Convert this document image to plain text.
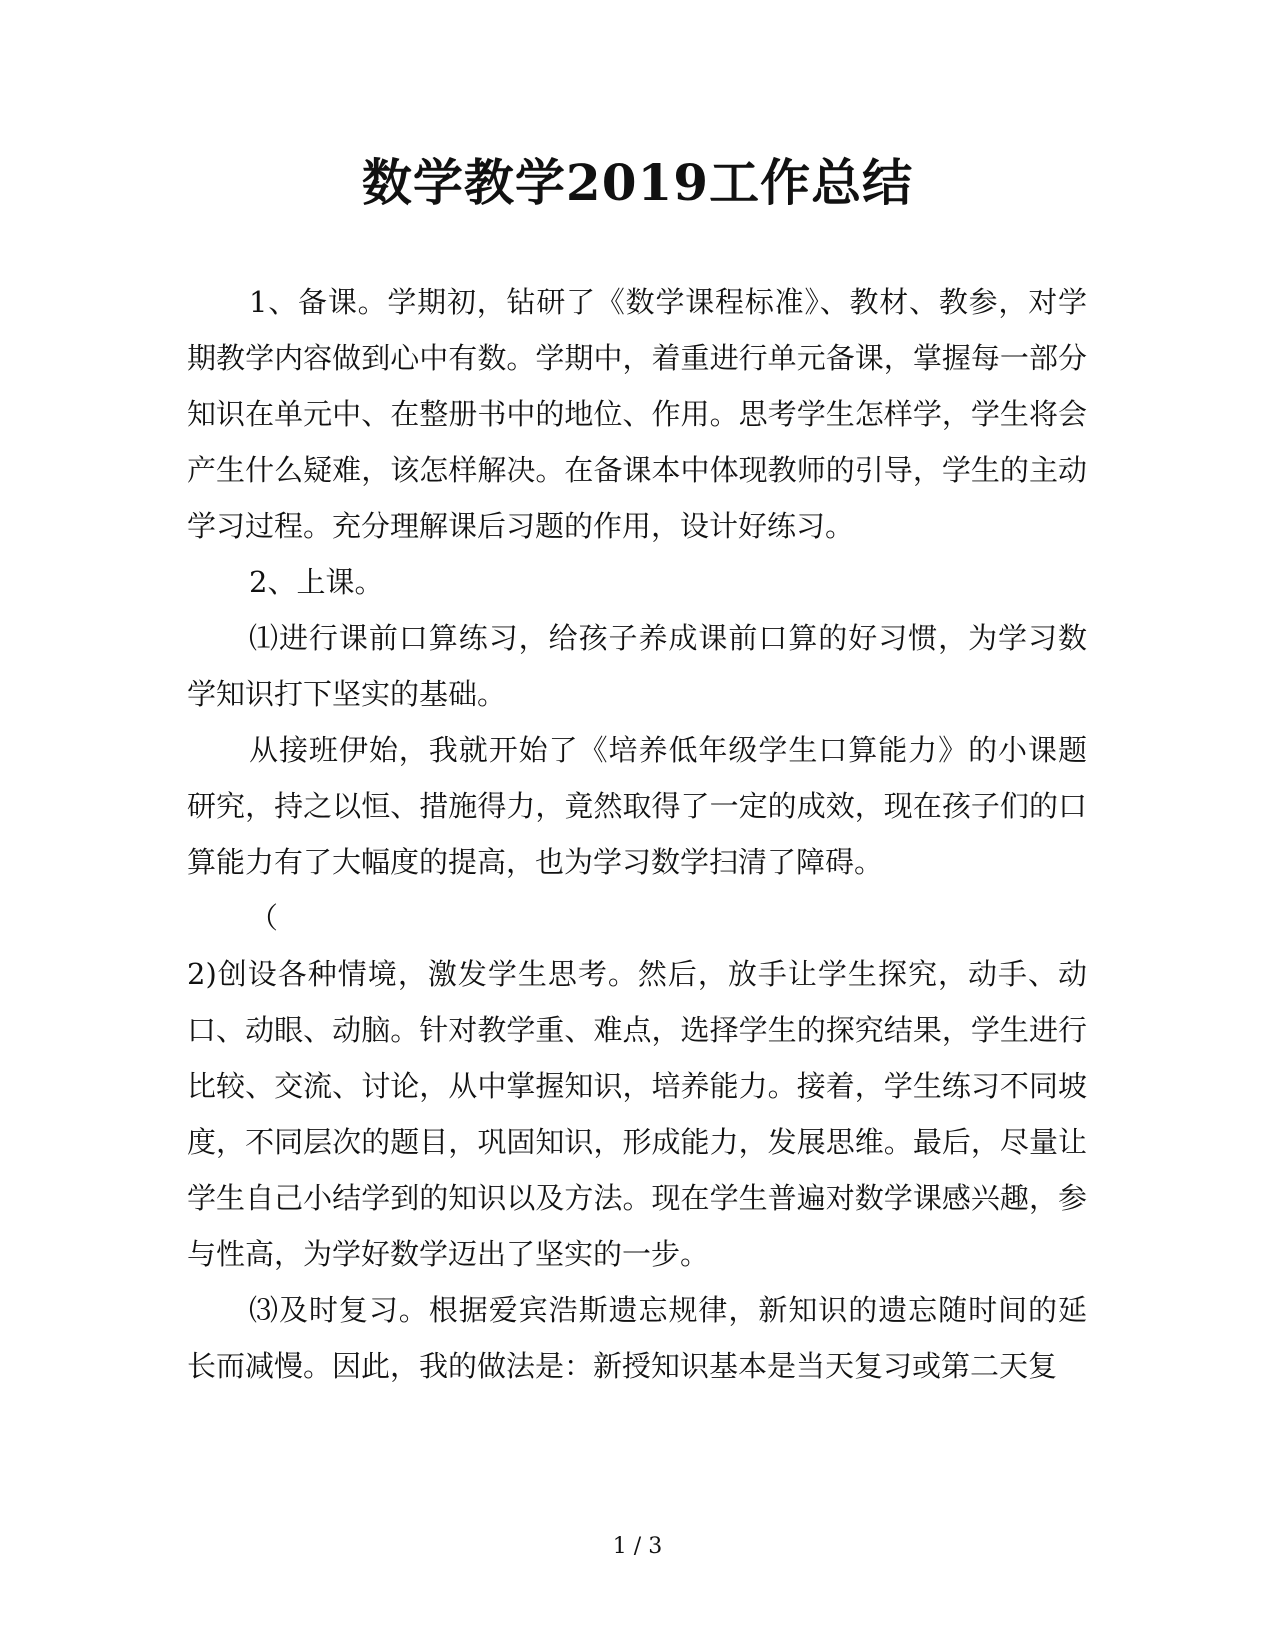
数学教学2019工作总结

1、备课。学期初，钻研了《数学课程标准》、教材、教参，对学期教学内容做到心中有数。学期中，着重进行单元备课，掌握每一部分知识在单元中、在整册书中的地位、作用。思考学生怎样学，学生将会产生什么疑难，该怎样解决。在备课本中体现教师的引导，学生的主动学习过程。充分理解课后习题的作用，设计好练习。

2、上课。

⑴进行课前口算练习，给孩子养成课前口算的好习惯，为学习数学知识打下坚实的基础。

从接班伊始，我就开始了《培养低年级学生口算能力》的小课题研究，持之以恒、措施得力，竟然取得了一定的成效，现在孩子们的口算能力有了大幅度的提高，也为学习数学扫清了障碍。

（

2)创设各种情境，激发学生思考。然后，放手让学生探究，动手、动口、动眼、动脑。针对教学重、难点，选择学生的探究结果，学生进行比较、交流、讨论，从中掌握知识，培养能力。接着，学生练习不同坡度，不同层次的题目，巩固知识，形成能力，发展思维。最后，尽量让学生自己小结学到的知识以及方法。现在学生普遍对数学课感兴趣，参与性高，为学好数学迈出了坚实的一步。

⑶及时复习。根据爱宾浩斯遗忘规律，新知识的遗忘随时间的延长而减慢。因此，我的做法是：新授知识基本是当天复习或第二天复

1 / 3
